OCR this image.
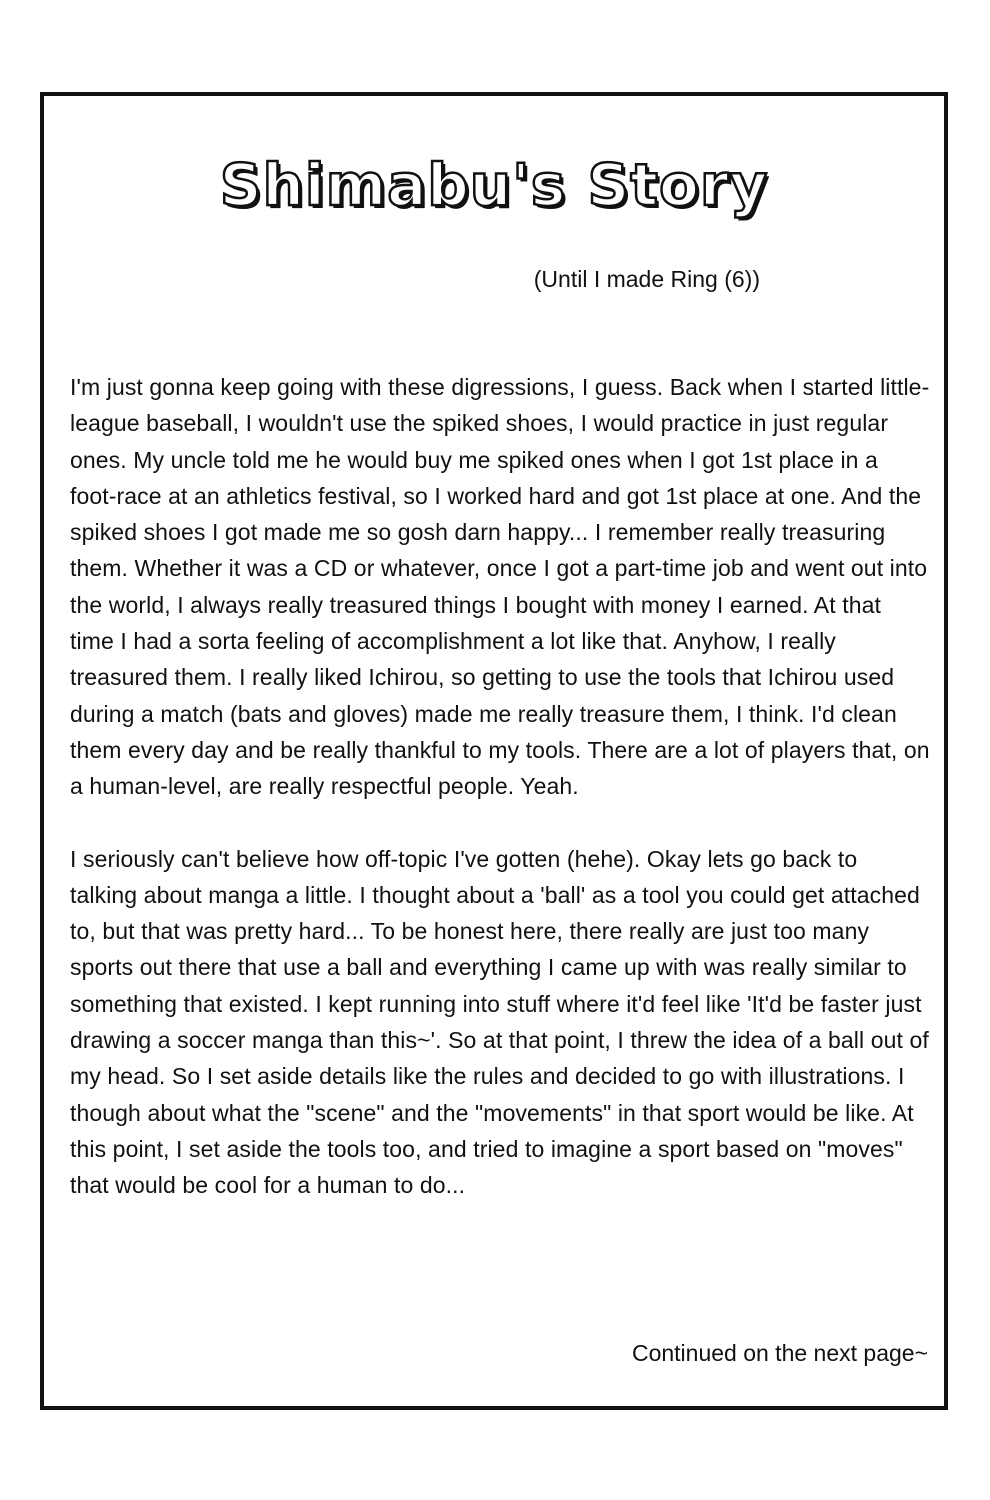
Shimabu's Story
(Until I made Ring (6))

I'm just gonna keep going with these digressions, I guess. Back when I started little-league baseball, I wouldn't use the spiked shoes, I would practice in just regular ones. My uncle told me he would buy me spiked ones when I got 1st place in a foot-race at an athletics festival, so I worked hard and got 1st place at one. And the spiked shoes I got made me so gosh darn happy... I remember really treasuring them. Whether it was a CD or whatever, once I got a part-time job and went out into the world, I always really treasured things I bought with money I earned. At that time I had a sorta feeling of accomplishment a lot like that. Anyhow, I really treasured them. I really liked Ichirou, so getting to use the tools that Ichirou used during a match (bats and gloves) made me really treasure them, I think. I'd clean them every day and be really thankful to my tools. There are a lot of players that, on a human-level, are really respectful people. Yeah.

I seriously can't believe how off-topic I've gotten (hehe). Okay lets go back to talking about manga a little. I thought about a 'ball' as a tool you could get attached to, but that was pretty hard... To be honest here, there really are just too many sports out there that use a ball and everything I came up with was really similar to something that existed. I kept running into stuff where it'd feel like 'It'd be faster just drawing a soccer manga than this~'. So at that point, I threw the idea of a ball out of my head. So I set aside details like the rules and decided to go with illustrations. I though about what the "scene" and the "movements" in that sport would be like. At this point, I set aside the tools too, and tried to imagine a sport based on "moves" that would be cool for a human to do...

Continued on the next page~
